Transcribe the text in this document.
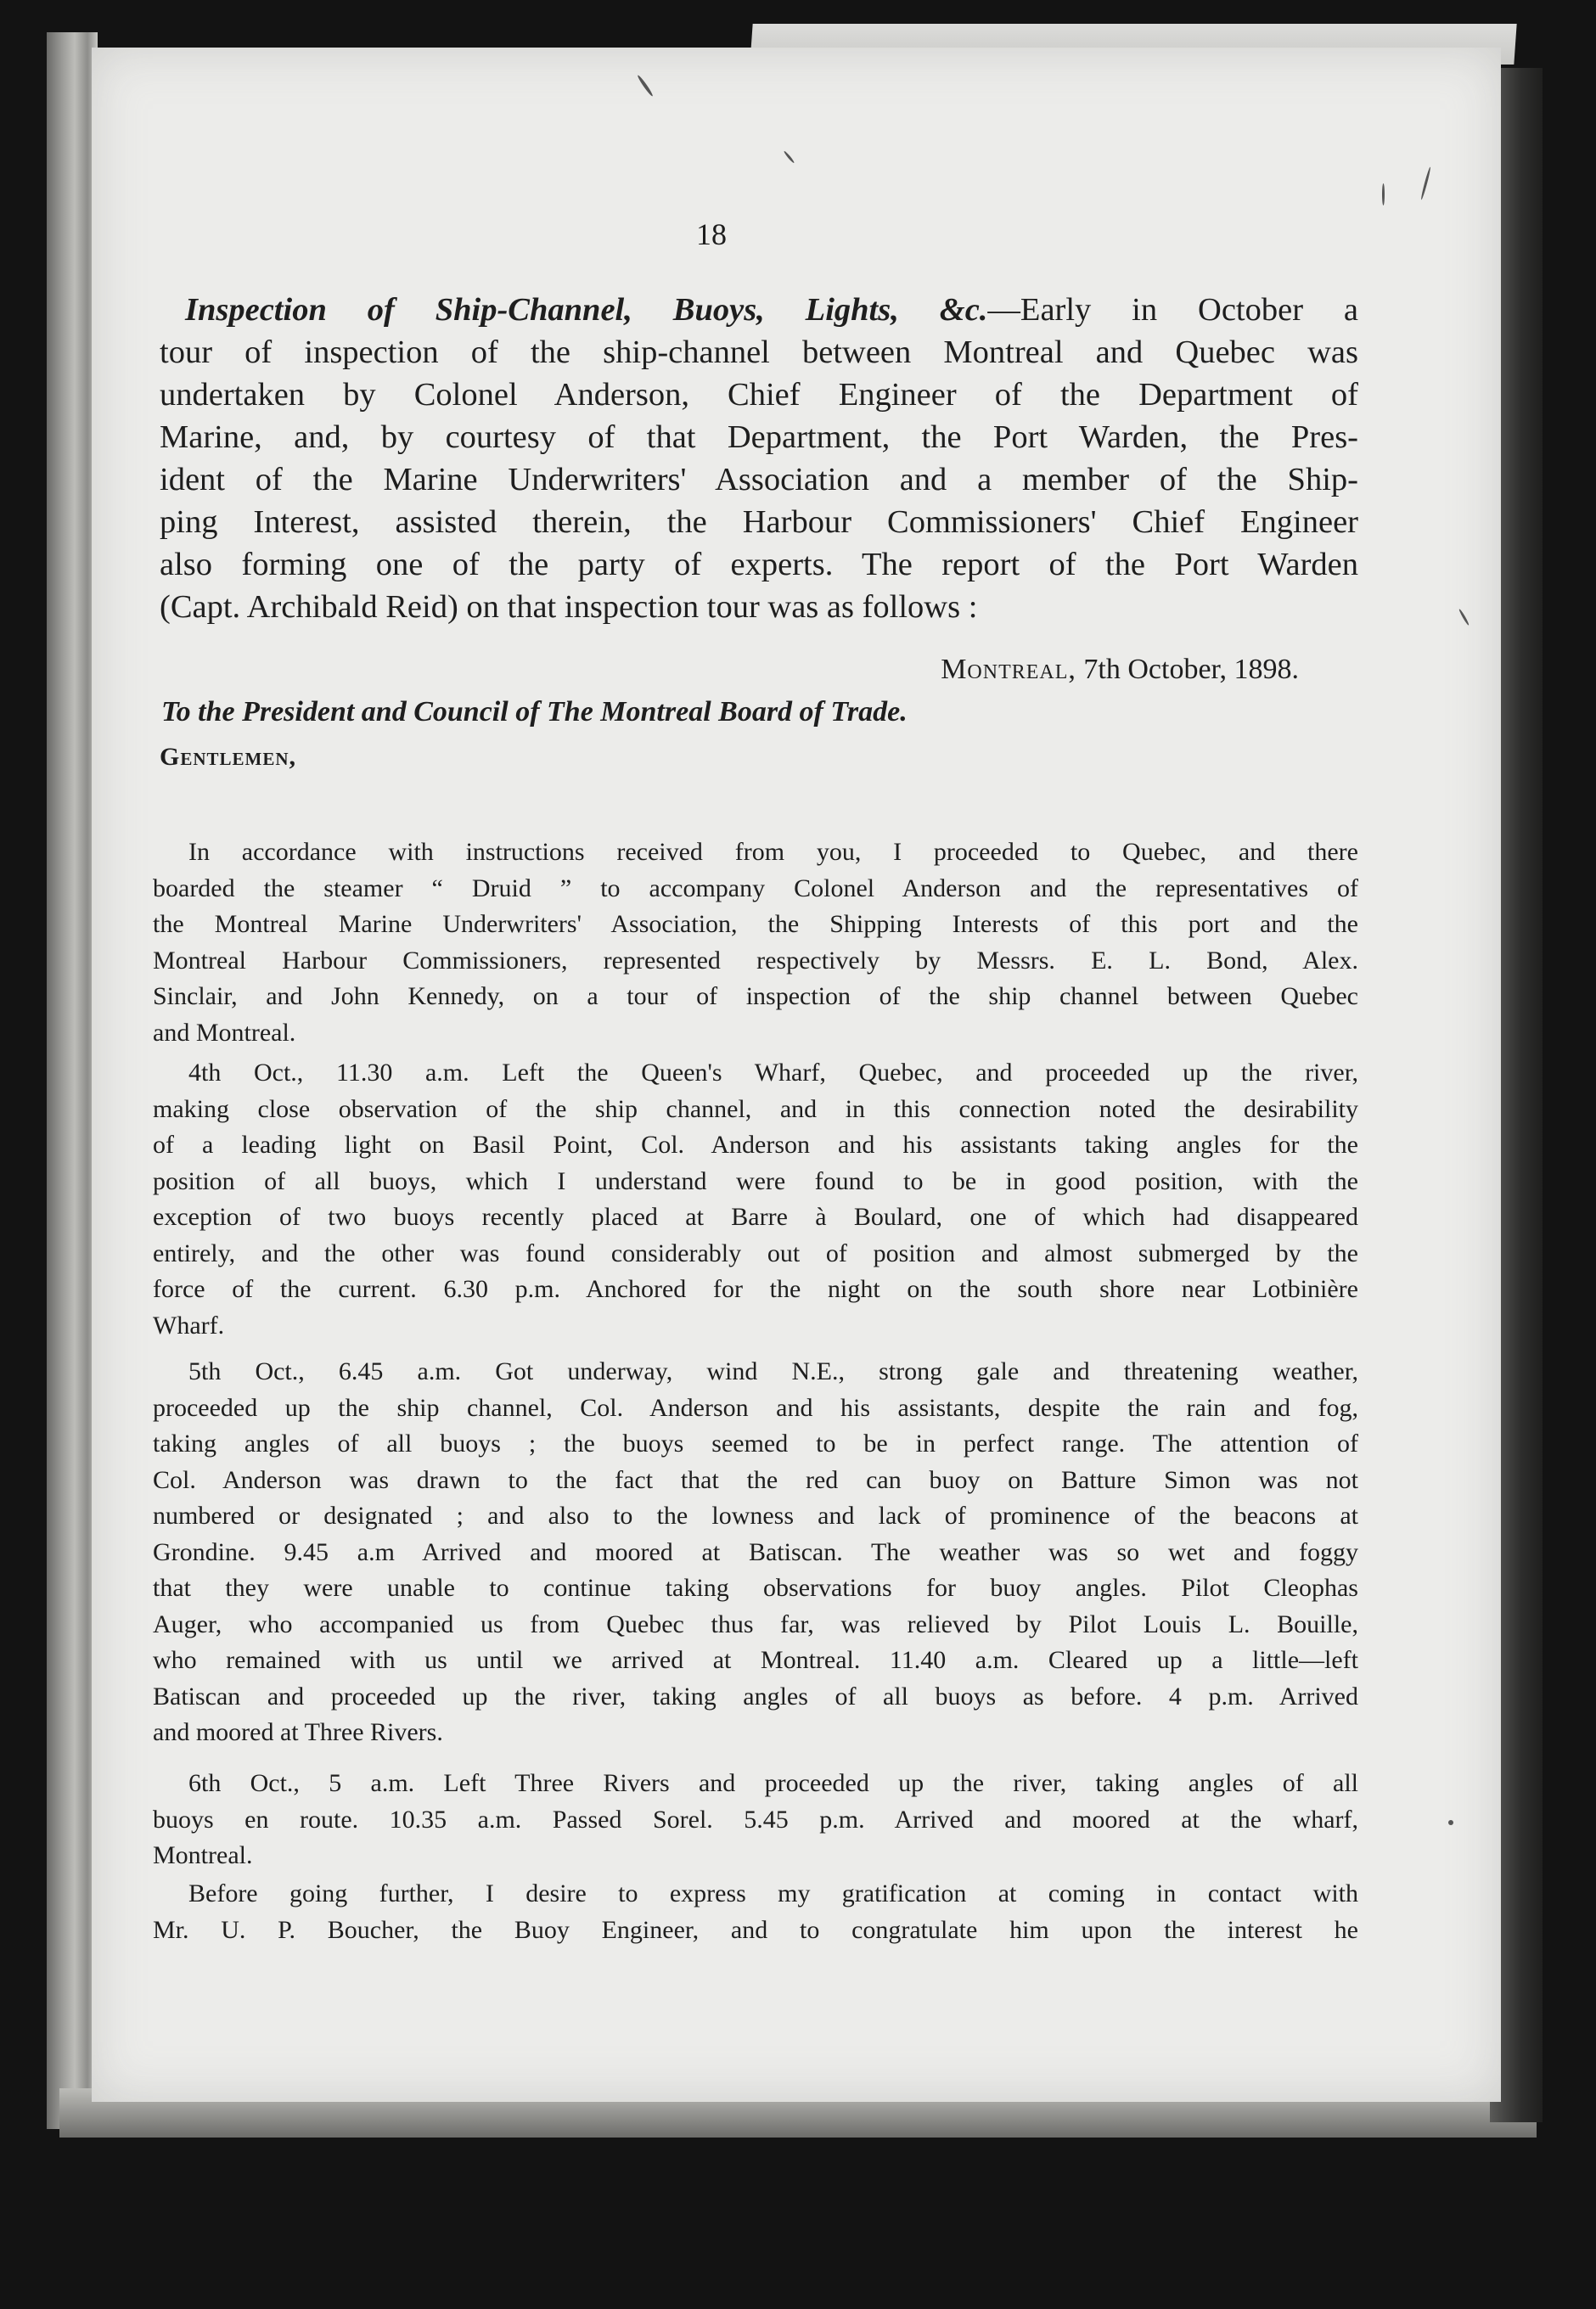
18
Inspection of Ship-Channel, Buoys, Lights, &c.—Early in October a
tour of inspection of the ship-channel between Montreal and Quebec was
undertaken by Colonel Anderson, Chief Engineer of the Department of
Marine, and, by courtesy of that Department, the Port Warden, the Pres-
ident of the Marine Underwriters' Association and a member of the Ship-
ping Interest, assisted therein, the Harbour Commissioners' Chief Engineer
also forming one of the party of experts. The report of the Port Warden
(Capt. Archibald Reid) on that inspection tour was as follows :
Montreal, 7th October, 1898.
To the President and Council of The Montreal Board of Trade.
Gentlemen,
In accordance with instructions received from you, I proceeded to Quebec, and there
boarded the steamer “ Druid ” to accompany Colonel Anderson and the representatives of
the Montreal Marine Underwriters' Association, the Shipping Interests of this port and the
Montreal Harbour Commissioners, represented respectively by Messrs. E. L. Bond, Alex.
Sinclair, and John Kennedy, on a tour of inspection of the ship channel between Quebec
and Montreal.
4th Oct., 11.30 a.m. Left the Queen's Wharf, Quebec, and proceeded up the river,
making close observation of the ship channel, and in this connection noted the desirability
of a leading light on Basil Point, Col. Anderson and his assistants taking angles for the
position of all buoys, which I understand were found to be in good position, with the
exception of two buoys recently placed at Barre à Boulard, one of which had disappeared
entirely, and the other was found considerably out of position and almost submerged by the
force of the current. 6.30 p.m. Anchored for the night on the south shore near Lotbinière
Wharf.
5th Oct., 6.45 a.m. Got underway, wind N.E., strong gale and threatening weather,
proceeded up the ship channel, Col. Anderson and his assistants, despite the rain and fog,
taking angles of all buoys ; the buoys seemed to be in perfect range. The attention of
Col. Anderson was drawn to the fact that the red can buoy on Batture Simon was not
numbered or designated ; and also to the lowness and lack of prominence of the beacons at
Grondine. 9.45 a.m Arrived and moored at Batiscan. The weather was so wet and foggy
that they were unable to continue taking observations for buoy angles. Pilot Cleophas
Auger, who accompanied us from Quebec thus far, was relieved by Pilot Louis L. Bouille,
who remained with us until we arrived at Montreal. 11.40 a.m. Cleared up a little—left
Batiscan and proceeded up the river, taking angles of all buoys as before. 4 p.m. Arrived
and moored at Three Rivers.
6th Oct., 5 a.m. Left Three Rivers and proceeded up the river, taking angles of all
buoys en route. 10.35 a.m. Passed Sorel. 5.45 p.m. Arrived and moored at the wharf,
Montreal.
Before going further, I desire to express my gratification at coming in contact with
Mr. U. P. Boucher, the Buoy Engineer, and to congratulate him upon the interest he
